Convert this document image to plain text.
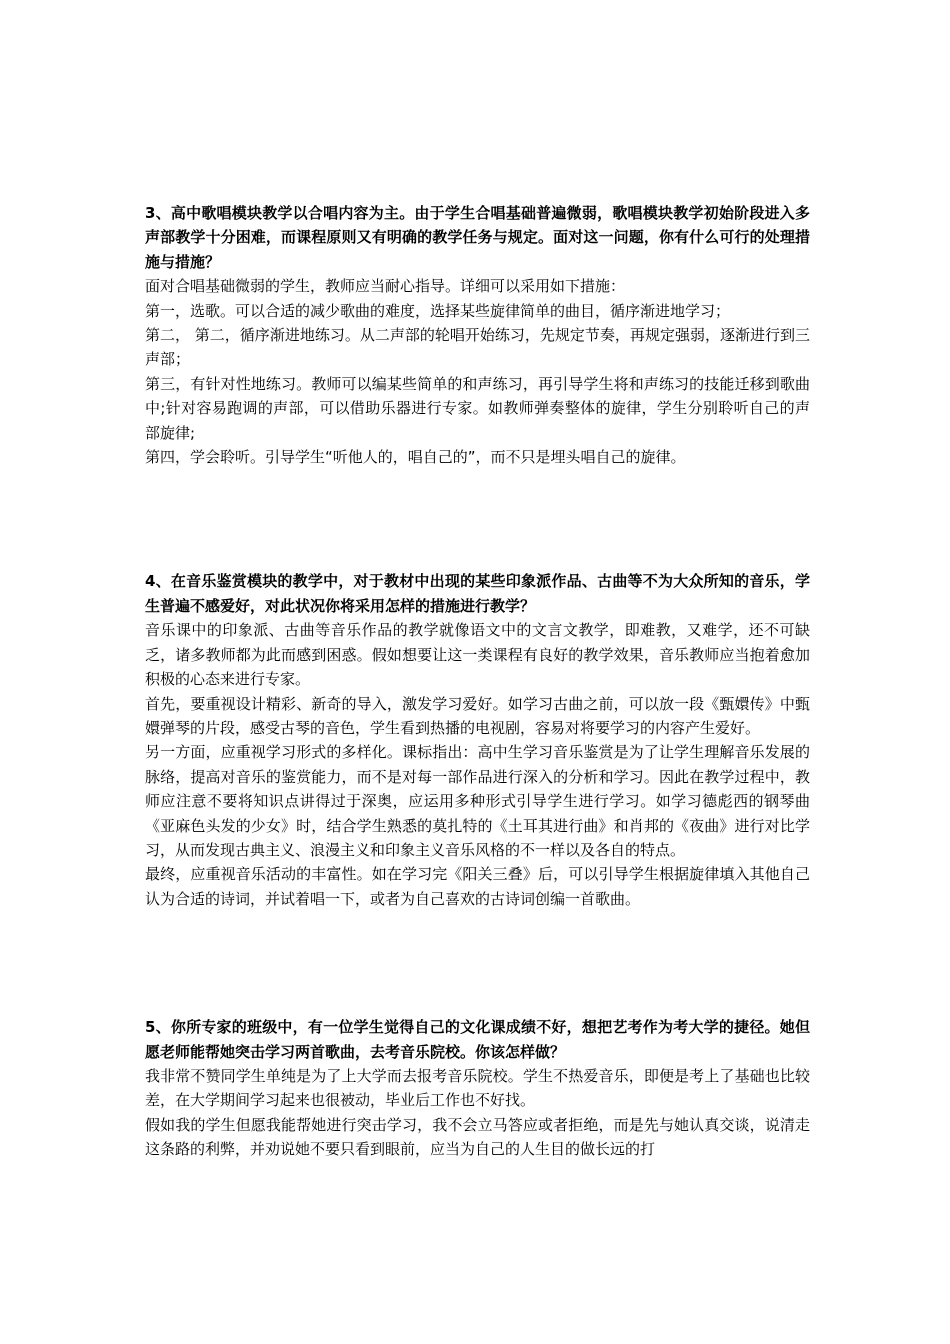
3、高中歌唱模块教学以合唱内容为主。由于学生合唱基础普遍微弱，歌唱模块教学初始阶段进入多声部教学十分困难，而课程原则又有明确的教学任务与规定。面对这一问题，你有什么可行的处理措施与措施？

面对合唱基础微弱的学生，教师应当耐心指导。详细可以采用如下措施：

第一，选歌。可以合适的减少歌曲的难度，选择某些旋律简单的曲目，循序渐进地学习；

第二， 第二，循序渐进地练习。从二声部的轮唱开始练习，先规定节奏，再规定强弱，逐渐进行到三声部；

第三，有针对性地练习。教师可以编某些简单的和声练习，再引导学生将和声练习的技能迁移到歌曲中;针对容易跑调的声部，可以借助乐器进行专家。如教师弹奏整体的旋律，学生分别聆听自己的声部旋律;

第四，学会聆听。引导学生“听他人的，唱自己的”，而不只是埋头唱自己的旋律。

4、在音乐鉴赏模块的教学中，对于教材中出现的某些印象派作品、古曲等不为大众所知的音乐，学生普遍不感爱好，对此状况你将采用怎样的措施进行教学？

音乐课中的印象派、古曲等音乐作品的教学就像语文中的文言文教学，即难教，又难学，还不可缺乏，诸多教师都为此而感到困惑。假如想要让这一类课程有良好的教学效果，音乐教师应当抱着愈加积极的心态来进行专家。

首先，要重视设计精彩、新奇的导入，激发学习爱好。如学习古曲之前，可以放一段《甄嬛传》中甄嬛弹琴的片段，感受古琴的音色，学生看到热播的电视剧，容易对将要学习的内容产生爱好。

另一方面，应重视学习形式的多样化。课标指出：高中生学习音乐鉴赏是为了让学生理解音乐发展的脉络，提高对音乐的鉴赏能力，而不是对每一部作品进行深入的分析和学习。因此在教学过程中，教师应注意不要将知识点讲得过于深奥，应运用多种形式引导学生进行学习。如学习德彪西的钢琴曲《亚麻色头发的少女》时，结合学生熟悉的莫扎特的《土耳其进行曲》和肖邦的《夜曲》进行对比学习，从而发现古典主义、浪漫主义和印象主义音乐风格的不一样以及各自的特点。

最终，应重视音乐活动的丰富性。如在学习完《阳关三叠》后，可以引导学生根据旋律填入其他自己认为合适的诗词，并试着唱一下，或者为自己喜欢的古诗词创编一首歌曲。

5、你所专家的班级中，有一位学生觉得自己的文化课成绩不好，想把艺考作为考大学的捷径。她但愿老师能帮她突击学习两首歌曲，去考音乐院校。你该怎样做？

我非常不赞同学生单纯是为了上大学而去报考音乐院校。学生不热爱音乐，即便是考上了基础也比较差，在大学期间学习起来也很被动，毕业后工作也不好找。

假如我的学生但愿我能帮她进行突击学习，我不会立马答应或者拒绝，而是先与她认真交谈，说清走这条路的利弊，并劝说她不要只看到眼前，应当为自己的人生目的做长远的打
